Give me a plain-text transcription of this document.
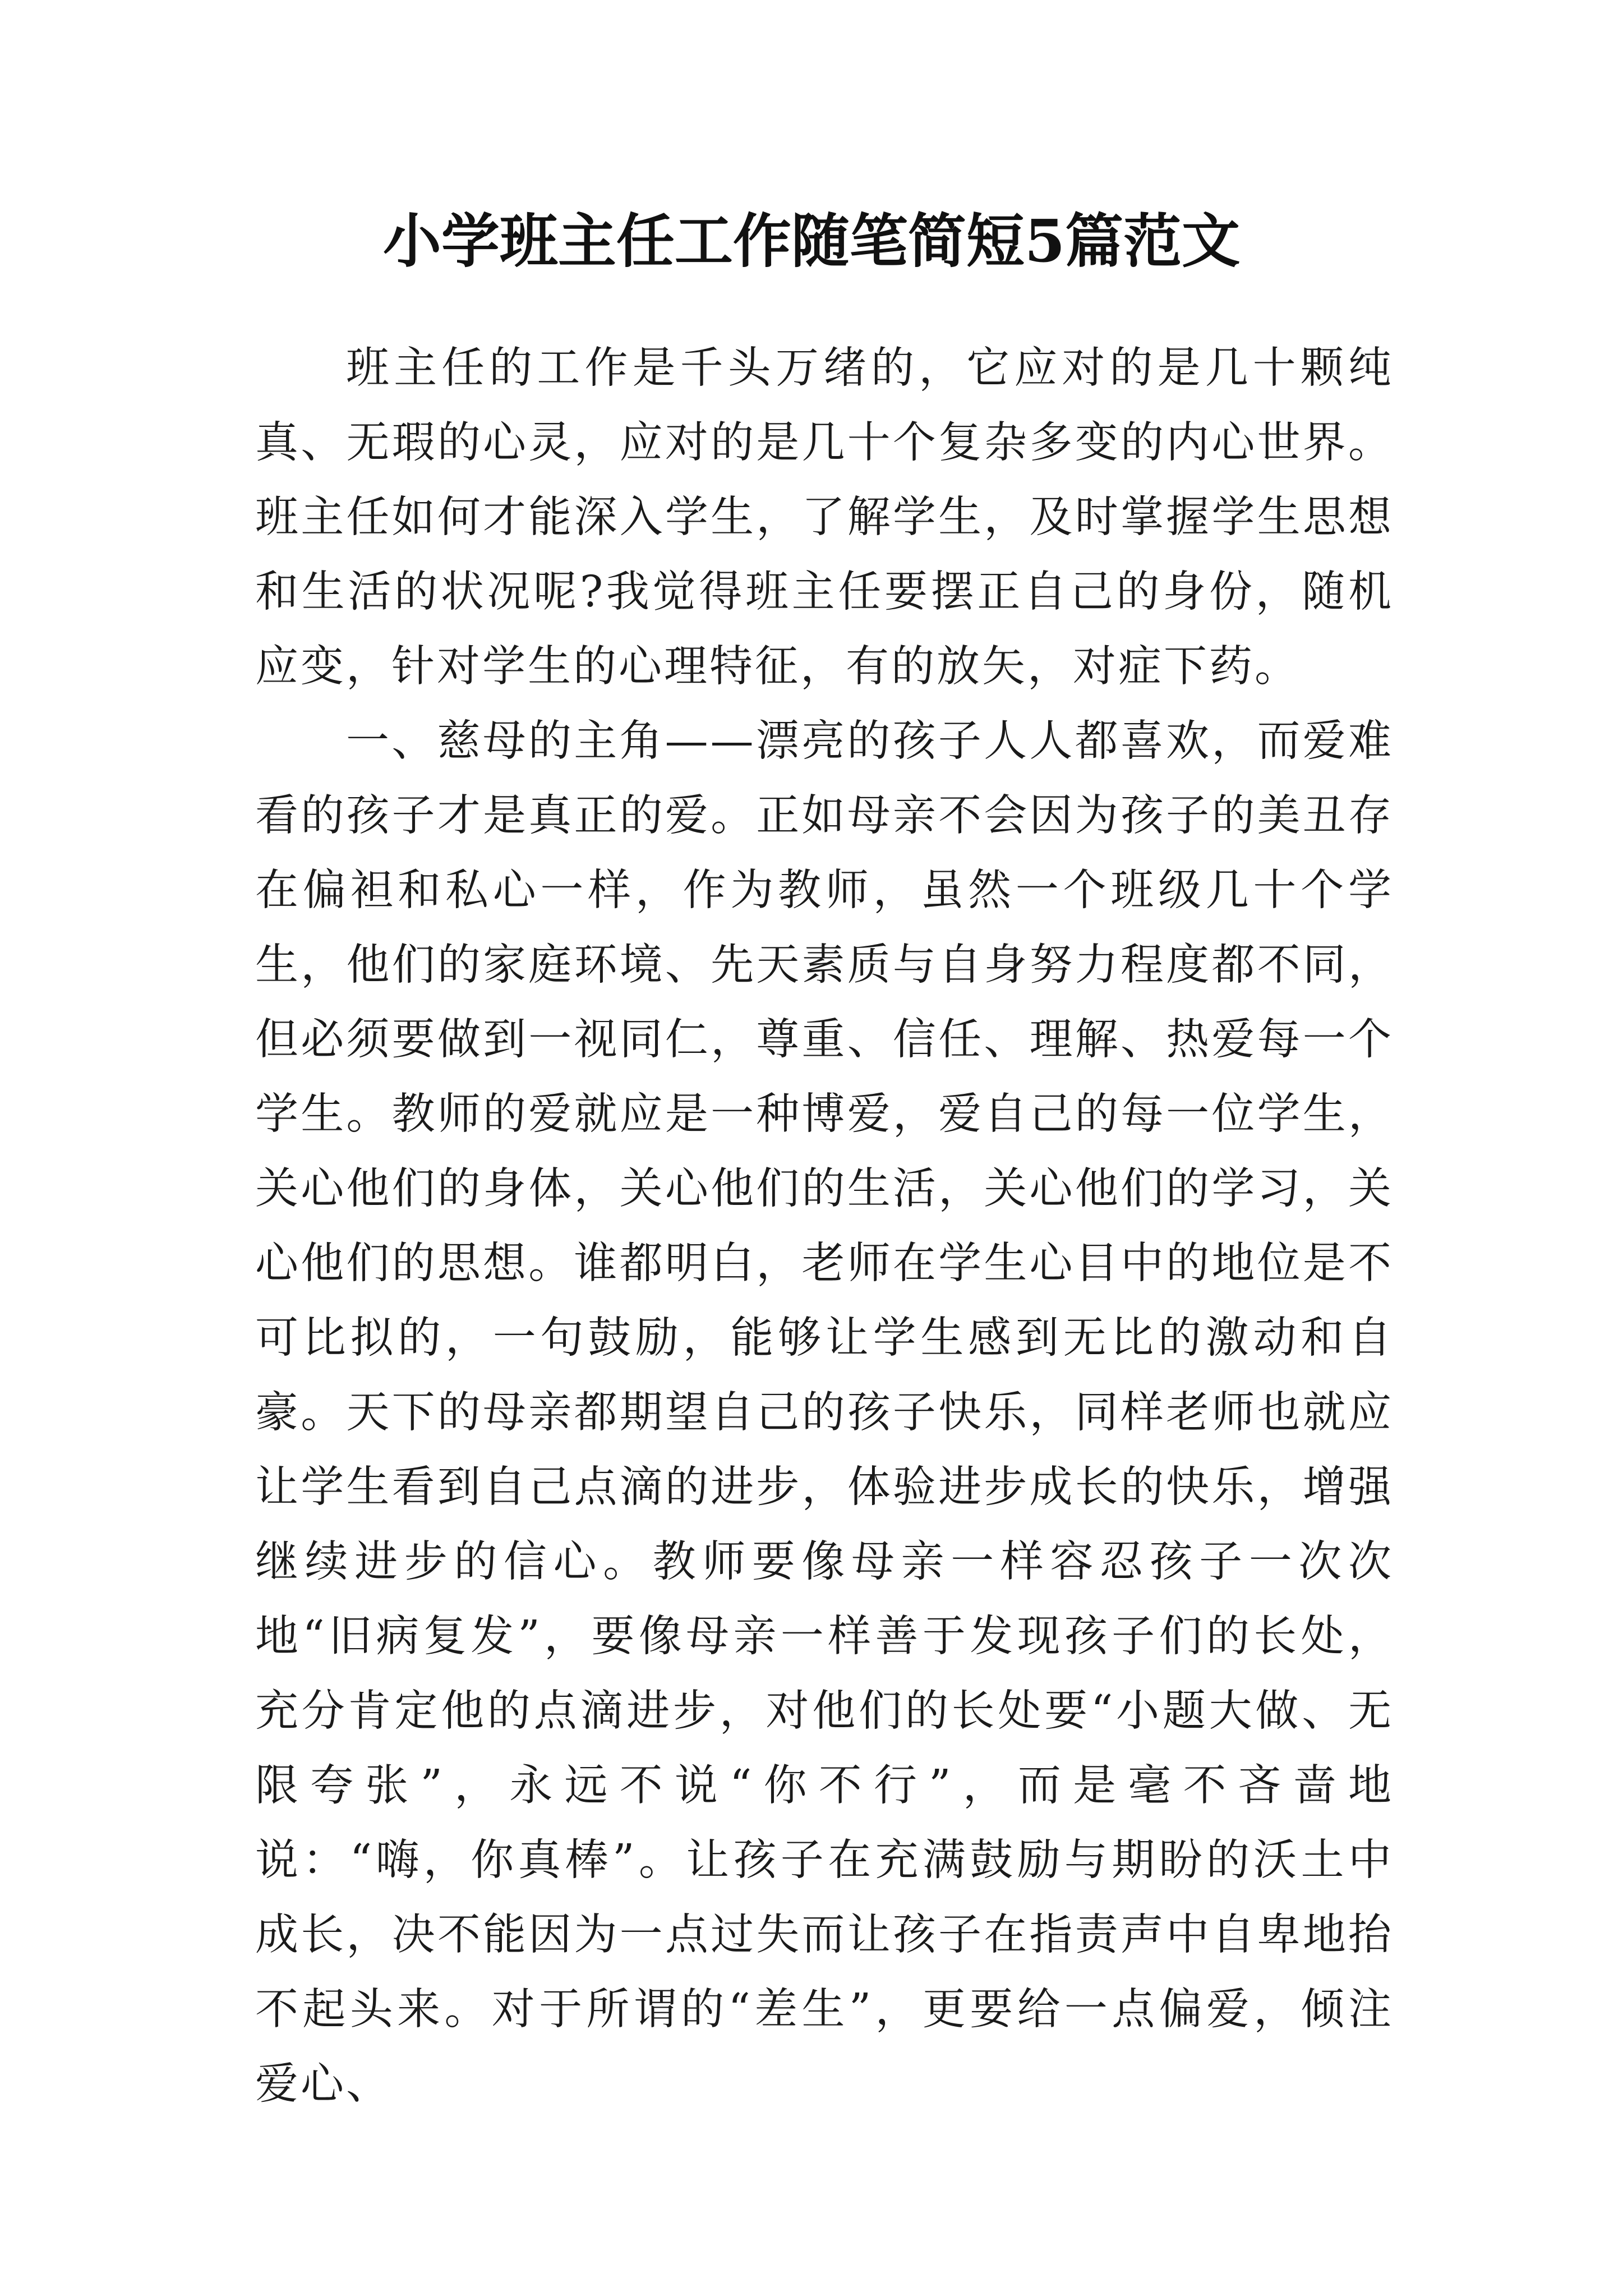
小学班主任工作随笔简短5篇范文

班主任的工作是千头万绪的，它应对的是几十颗纯真、无瑕的心灵，应对的是几十个复杂多变的内心世界。班主任如何才能深入学生，了解学生，及时掌握学生思想和生活的状况呢?我觉得班主任要摆正自己的身份，随机应变，针对学生的心理特征，有的放矢，对症下药。

一、慈母的主角——漂亮的孩子人人都喜欢，而爱难看的孩子才是真正的爱。正如母亲不会因为孩子的美丑存在偏袒和私心一样，作为教师，虽然一个班级几十个学生，他们的家庭环境、先天素质与自身努力程度都不同，但必须要做到一视同仁，尊重、信任、理解、热爱每一个学生。教师的爱就应是一种博爱，爱自己的每一位学生，关心他们的身体，关心他们的生活，关心他们的学习，关心他们的思想。谁都明白，老师在学生心目中的地位是不可比拟的，一句鼓励，能够让学生感到无比的激动和自豪。天下的母亲都期望自己的孩子快乐，同样老师也就应让学生看到自己点滴的进步，体验进步成长的快乐，增强继续进步的信心。教师要像母亲一样容忍孩子一次次地“旧病复发”，要像母亲一样善于发现孩子们的长处，充分肯定他的点滴进步，对他们的长处要“小题大做、无限夸张”，永远不说“你不行”，而是毫不吝啬地说：“嗨，你真棒”。让孩子在充满鼓励与期盼的沃土中成长，决不能因为一点过失而让孩子在指责声中自卑地抬不起头来。对于所谓的“差生”，更要给一点偏爱，倾注爱心、
